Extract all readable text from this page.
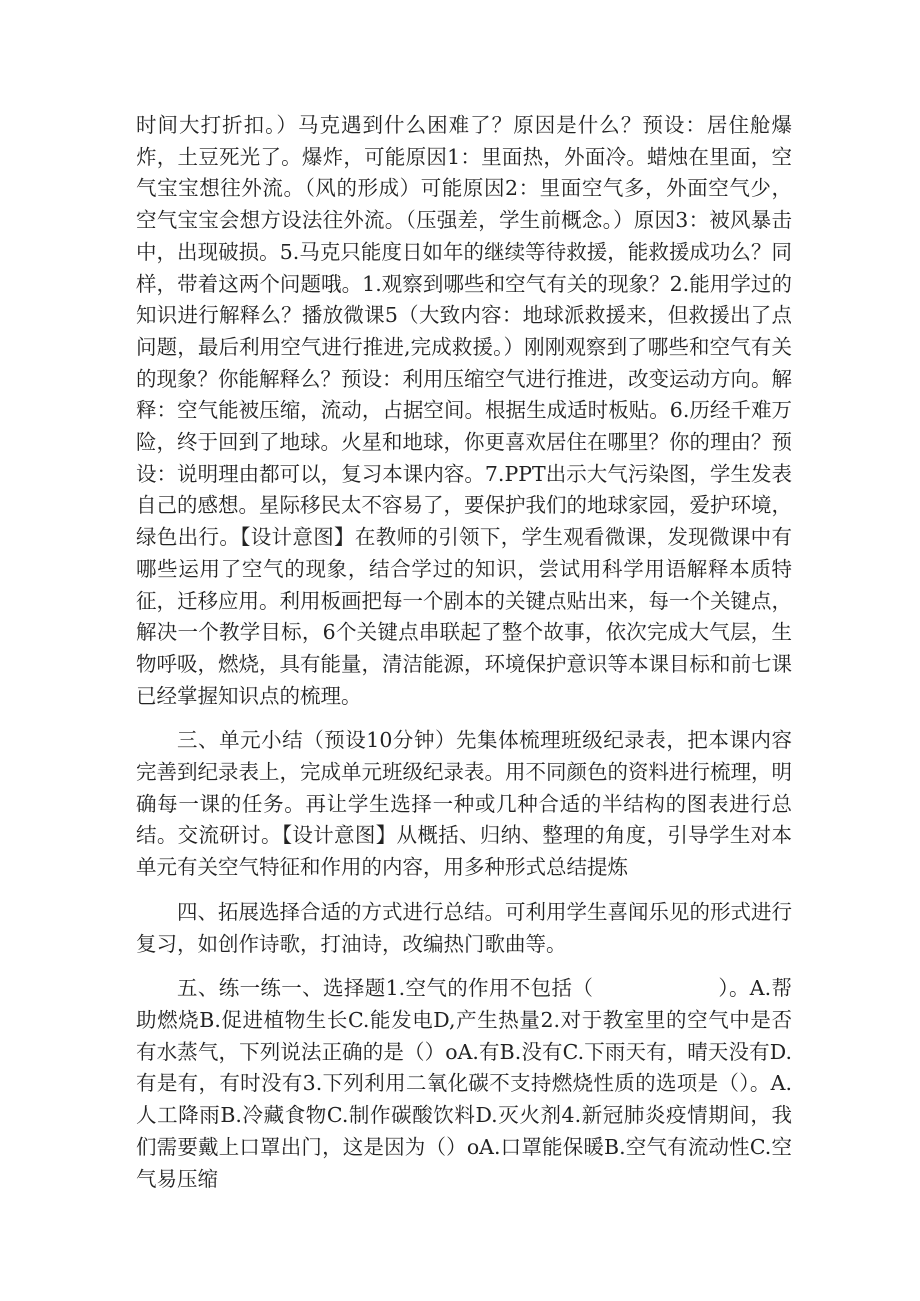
时间大打折扣。）马克遇到什么困难了？原因是什么？预设：居住舱爆炸，土豆死光了。爆炸，可能原因1：里面热，外面冷。蜡烛在里面，空气宝宝想往外流。（风的形成）可能原因2：里面空气多，外面空气少，空气宝宝会想方设法往外流。（压强差，学生前概念。）原因3：被风暴击中，出现破损。5.马克只能度日如年的继续等待救援，能救援成功么？同样，带着这两个问题哦。1.观察到哪些和空气有关的现象？2.能用学过的知识进行解释么？播放微课5（大致内容：地球派救援来，但救援出了点问题，最后利用空气进行推进,完成救援。）刚刚观察到了哪些和空气有关的现象？你能解释么？预设：利用压缩空气进行推进，改变运动方向。解释：空气能被压缩，流动，占据空间。根据生成适时板贴。6.历经千难万险，终于回到了地球。火星和地球，你更喜欢居住在哪里？你的理由？预设：说明理由都可以，复习本课内容。7.PPT出示大气污染图，学生发表自己的感想。星际移民太不容易了，要保护我们的地球家园，爱护环境，绿色出行。【设计意图】在教师的引领下，学生观看微课，发现微课中有哪些运用了空气的现象，结合学过的知识，尝试用科学用语解释本质特征，迁移应用。利用板画把每一个剧本的关键点贴出来，每一个关键点，解决一个教学目标，6个关键点串联起了整个故事，依次完成大气层，生物呼吸，燃烧，具有能量，清洁能源，环境保护意识等本课目标和前七课已经掌握知识点的梳理。

三、单元小结（预设10分钟）先集体梳理班级纪录表，把本课内容完善到纪录表上，完成单元班级纪录表。用不同颜色的资料进行梳理，明确每一课的任务。再让学生选择一种或几种合适的半结构的图表进行总结。交流研讨。【设计意图】从概括、归纳、整理的角度，引导学生对本单元有关空气特征和作用的内容，用多种形式总结提炼

四、拓展选择合适的方式进行总结。可利用学生喜闻乐见的形式进行复习，如创作诗歌，打油诗，改编热门歌曲等。

五、练一练一、选择题1.空气的作用不包括（　　　　　　）。A.帮助燃烧B.促进植物生长C.能发电D,产生热量2.对于教室里的空气中是否有水蒸气，下列说法正确的是（）oA.有B.没有C.下雨天有，晴天没有D.有是有，有时没有3.下列利用二氧化碳不支持燃烧性质的选项是（）。A.人工降雨B.冷藏食物C.制作碳酸饮料D.灭火剂4.新冠肺炎疫情期间，我们需要戴上口罩出门，这是因为（）oA.口罩能保暖B.空气有流动性C.空气易压缩
